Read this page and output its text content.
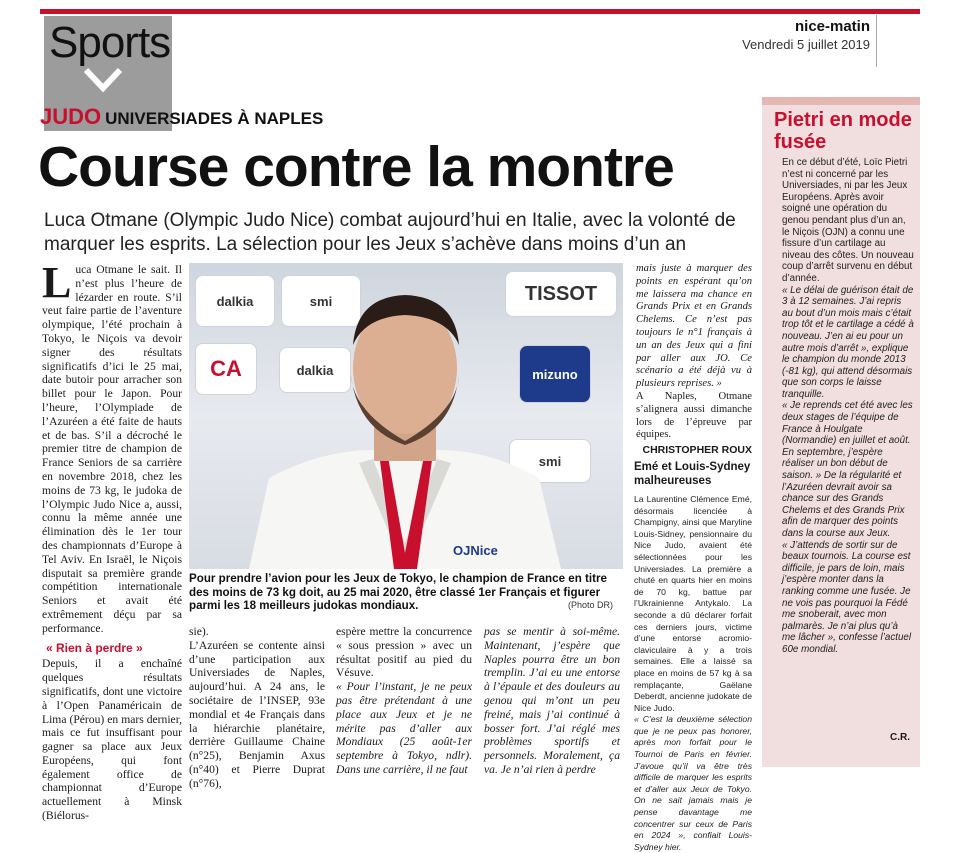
Sports	nice-matin
Vendredi 5 juillet 2019
JUDO UNIVERSIADES À NAPLES
Course contre la montre
Luca Otmane (Olympic Judo Nice) combat aujourd’hui en Italie, avec la volonté de marquer les esprits. La sélection pour les Jeux s’achève dans moins d’un an

Luca Otmane le sait. Il n’est plus l’heure de lézarder en route. S’il veut faire partie de l’aventure olympique, l’été prochain à Tokyo, le Niçois va devoir signer des résultats significatifs d’ici le 25 mai, date butoir pour arracher son billet pour le Japon. Pour l’heure, l’Olympiade de l’Azuréen a été faite de hauts et de bas. S’il a décroché le premier titre de champion de France Seniors de sa carrière en novembre 2018, chez les moins de 73 kg, le judoka de l’Olympic Judo Nice a, aussi, connu la même année une élimination dès le 1er tour des championnats d’Europe à Tel Aviv. En Israël, le Niçois disputait sa première grande compétition internationale Seniors et avait été extrêmement déçu par sa performance.

« Rien à perdre »

Depuis, il a enchaîné quelques résultats significatifs, dont une victoire à l’Open Panaméricain de Lima (Pérou) en mars dernier, mais ce fut insuffisant pour gagner sa place aux Jeux Européens, qui font également office de championnat d’Europe actuellement à Minsk (Biélorus-

dalkia	smi	TISSOT
CA	dalkia
smi
mizuno
OJNice
Pour prendre l’avion pour les Jeux de Tokyo, le champion de France en titre des moins de 73 kg doit, au 25 mai 2020, être classé 1er Français et figurer parmi les 18 meilleurs judokas mondiaux.	(Photo DR)

sie).

L’Azuréen se contente ainsi d’une participation aux Universiades de Naples, aujourd’hui. A 24 ans, le sociétaire de l’INSEP, 93e mondial et 4e Français dans la hiérarchie planétaire, derrière Guillaume Chaine (n°25), Benjamin Axus (n°40) et Pierre Duprat (n°76),

espère mettre la concurrence « sous pression » avec un résultat positif au pied du Vésuve.

« Pour l’instant, je ne peux pas être prétendant à une place aux Jeux et je ne mérite pas d’aller aux Mondiaux (25 août-1er septembre à Tokyo, ndlr). Dans une carrière, il ne faut

pas se mentir à soi-même. Maintenant, j’espère que Naples pourra être un bon tremplin. J’ai eu une entorse à l’épaule et des douleurs au genou qui m’ont un peu freiné, mais j’ai continué à bosser fort. J’ai réglé mes problèmes sportifs et personnels. Moralement, ça va. Je n’ai rien à perdre

mais juste à marquer des points en espérant qu’on me laissera ma chance en Grands Prix et en Grands Chelems. Ce n’est pas toujours le n°1 français à un an des Jeux qui a fini par aller aux JO. Ce scénario a été déjà vu à plusieurs reprises. »

A Naples, Otmane s’alignera aussi dimanche lors de l’épreuve par équipes.

CHRISTOPHER ROUX
Emé et Louis-Sydney malheureuses

La Laurentine Clémence Emé, désormais licenciée à Champigny, ainsi que Maryline Louis-Sidney, pensionnaire du Nice Judo, avaient été sélectionnées pour les Universiades. La première a chuté en quarts hier en moins de 70 kg, battue par l’Ukrainienne Antykalo. La seconde a dû déclarer forfait ces derniers jours, victime d’une entorse acromio-claviculaire à y a trois semaines. Elle a laissé sa place en moins de 57 kg à sa remplaçante, Gaëlane Deberdt, ancienne judokate de Nice Judo.

« C’est la deuxième sélection que je ne peux pas honorer, après mon forfait pour le Tournoi de Paris en février. J’avoue qu’il va être très difficile de marquer les esprits et d’aller aux Jeux de Tokyo. On ne sait jamais mais je pense davantage me concentrer sur ceux de Paris en 2024 », confiait Louis-Sydney hier.

Pietri en mode fusée

En ce début d’été, Loïc Pietri n’est ni concerné par les Universiades, ni par les Jeux Européens. Après avoir soigné une opération du genou pendant plus d’un an, le Niçois (OJN) a connu une fissure d’un cartilage au niveau des côtes. Un nouveau coup d’arrêt survenu en début d’année.

« Le délai de guérison était de 3 à 12 semaines. J’ai repris au bout d’un mois mais c’était trop tôt et le cartilage a cédé à nouveau. J’en ai eu pour un autre mois d’arrêt », explique le champion du monde 2013 (-81 kg), qui attend désormais que son corps le laisse tranquille.

« Je reprends cet été avec les deux stages de l’équipe de France à Houlgate (Normandie) en juillet et août. En septembre, j’espère réaliser un bon début de saison. » De la régularité et l’Azuréen devrait avoir sa chance sur des Grands Chelems et des Grands Prix afin de marquer des points dans la course aux Jeux.

« J’attends de sortir sur de beaux tournois. La course est difficile, je pars de loin, mais j’espère monter dans la ranking comme une fusée. Je ne vois pas pourquoi la Fédé me snoberait, avec mon palmarès. Je n’ai plus qu’à me lâcher », confesse l’actuel 60e mondial.

C.R.
